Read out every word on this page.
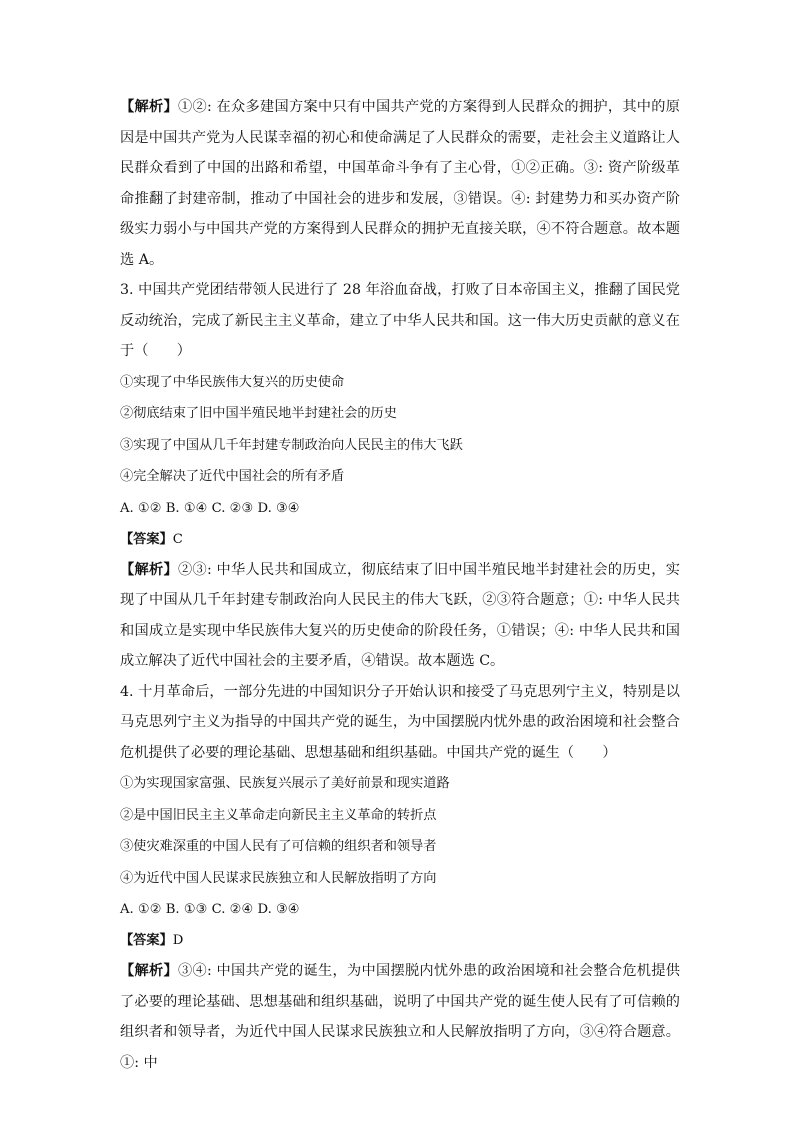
【解析】①②: 在众多建国方案中只有中国共产党的方案得到人民群众的拥护，其中的原因是中国共产党为人民谋幸福的初心和使命满足了人民群众的需要，走社会主义道路让人民群众看到了中国的出路和希望，中国革命斗争有了主心骨，①②正确。③: 资产阶级革命推翻了封建帝制，推动了中国社会的进步和发展，③错误。④: 封建势力和买办资产阶级实力弱小与中国共产党的方案得到人民群众的拥护无直接关联，④不符合题意。故本题选 A。

3. 中国共产党团结带领人民进行了 28 年浴血奋战，打败了日本帝国主义，推翻了国民党反动统治，完成了新民主主义革命，建立了中华人民共和国。这一伟大历史贡献的意义在于（　　）

①实现了中华民族伟大复兴的历史使命

②彻底结束了旧中国半殖民地半封建社会的历史

③实现了中国从几千年封建专制政治向人民民主的伟大飞跃

④完全解决了近代中国社会的所有矛盾

A. ①② B. ①④ C. ②③ D. ③④

【答案】C

【解析】②③: 中华人民共和国成立，彻底结束了旧中国半殖民地半封建社会的历史，实现了中国从几千年封建专制政治向人民民主的伟大飞跃，②③符合题意；①: 中华人民共和国成立是实现中华民族伟大复兴的历史使命的阶段任务，①错误；④: 中华人民共和国成立解决了近代中国社会的主要矛盾，④错误。故本题选 C。

4. 十月革命后，一部分先进的中国知识分子开始认识和接受了马克思列宁主义，特别是以马克思列宁主义为指导的中国共产党的诞生，为中国摆脱内忧外患的政治困境和社会整合危机提供了必要的理论基础、思想基础和组织基础。中国共产党的诞生（　　）

①为实现国家富强、民族复兴展示了美好前景和现实道路

②是中国旧民主主义革命走向新民主主义革命的转折点

③使灾难深重的中国人民有了可信赖的组织者和领导者

④为近代中国人民谋求民族独立和人民解放指明了方向

A. ①② B. ①③ C. ②④ D. ③④

【答案】D

【解析】③④: 中国共产党的诞生，为中国摆脱内忧外患的政治困境和社会整合危机提供了必要的理论基础、思想基础和组织基础，说明了中国共产党的诞生使人民有了可信赖的组织者和领导者，为近代中国人民谋求民族独立和人民解放指明了方向，③④符合题意。①: 中
